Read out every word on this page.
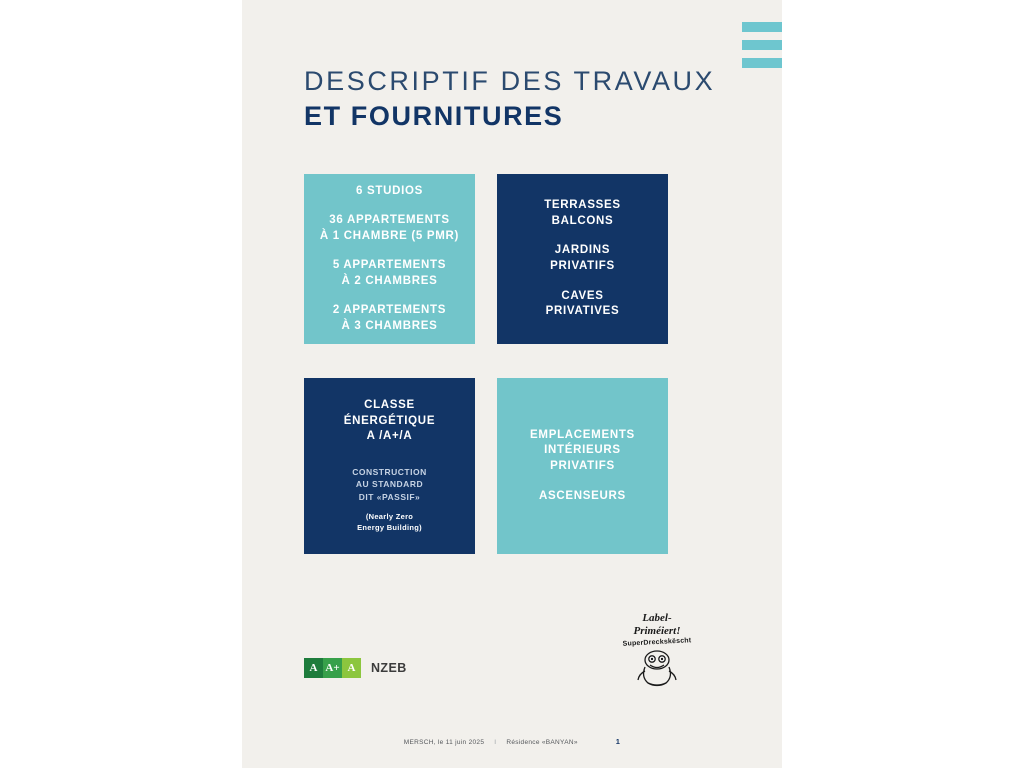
DESCRIPTIF DES TRAVAUX
ET FOURNITURES
6 STUDIOS
36 APPARTEMENTS
À 1 CHAMBRE (5 PMR)
5 APPARTEMENTS
À 2 CHAMBRES
2 APPARTEMENTS
À 3 CHAMBRES
TERRASSES
BALCONS
JARDINS
PRIVATIFS
CAVES
PRIVATIVES
CLASSE
ÉNERGÉTIQUE
A /A+/A
CONSTRUCTION
AU STANDARD
DIT «PASSIF»
(Nearly Zero
Energy Building)
EMPLACEMENTS
INTÉRIEURS
PRIVATIFS
ASCENSEURS
A A+ A	NZEB
Label-
Priméiert!
SuperDreckskëscht
MERSCH, le 11 juin 2025 I Résidence «BANYAN»	1
